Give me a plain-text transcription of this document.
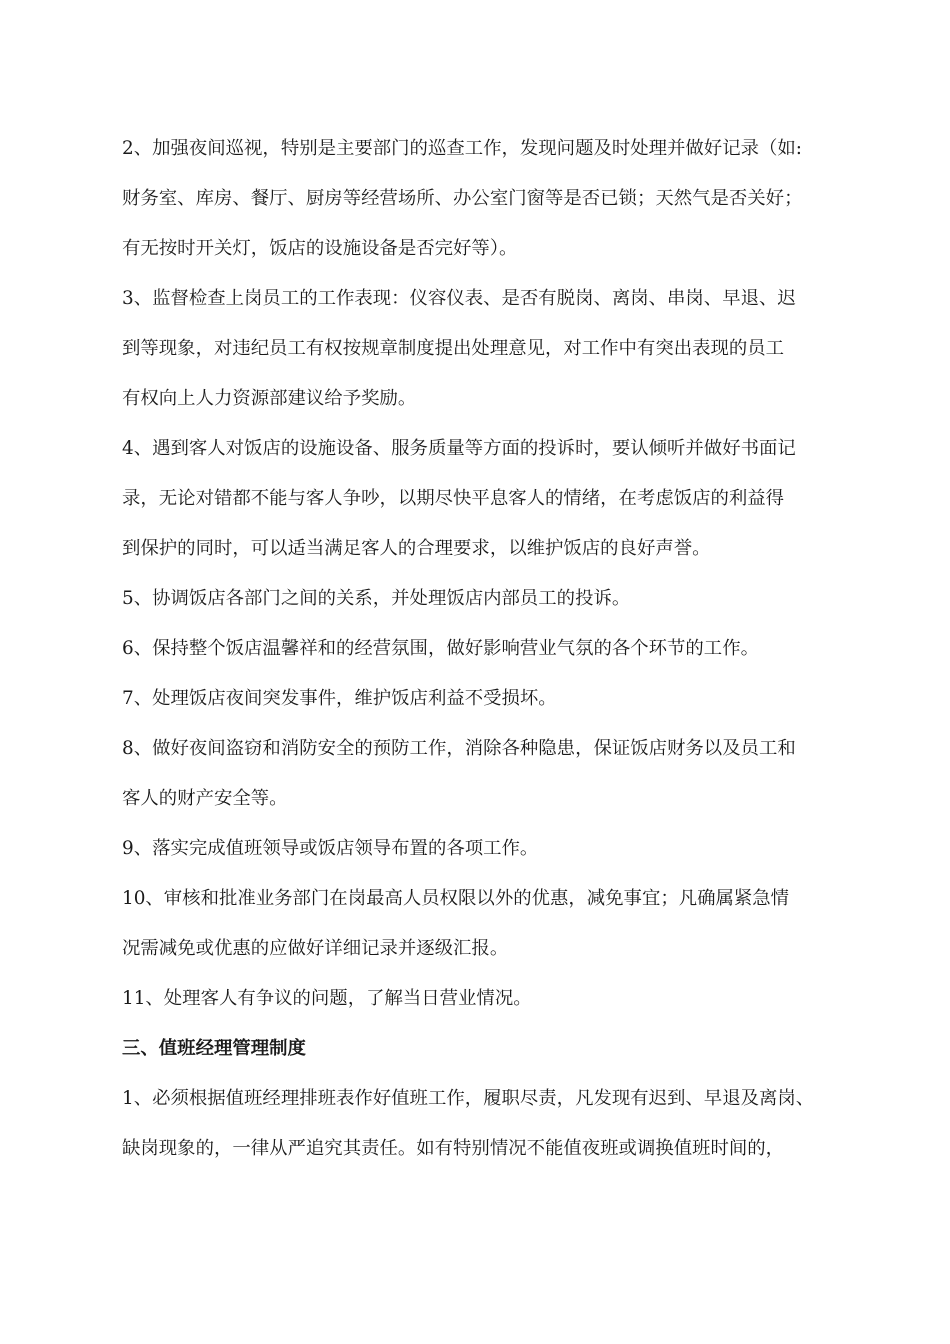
2、加强夜间巡视，特别是主要部门的巡查工作，发现问题及时处理并做好记录（如:
财务室、库房、餐厅、厨房等经营场所、办公室门窗等是否已锁；天然气是否关好；
有无按时开关灯，饭店的设施设备是否完好等）。
3、监督检查上岗员工的工作表现：仪容仪表、是否有脱岗、离岗、串岗、早退、迟
到等现象，对违纪员工有权按规章制度提出处理意见，对工作中有突出表现的员工
有权向上人力资源部建议给予奖励。
4、遇到客人对饭店的设施设备、服务质量等方面的投诉时，要认倾听并做好书面记
录，无论对错都不能与客人争吵，以期尽快平息客人的情绪，在考虑饭店的利益得
到保护的同时，可以适当满足客人的合理要求，以维护饭店的良好声誉。
5、协调饭店各部门之间的关系，并处理饭店内部员工的投诉。
6、保持整个饭店温馨祥和的经营氛围，做好影响营业气氛的各个环节的工作。
7、处理饭店夜间突发事件，维护饭店利益不受损坏。
8、做好夜间盗窃和消防安全的预防工作，消除各种隐患，保证饭店财务以及员工和
客人的财产安全等。
9、落实完成值班领导或饭店领导布置的各项工作。
10、审核和批准业务部门在岗最高人员权限以外的优惠，减免事宜；凡确属紧急情
况需减免或优惠的应做好详细记录并逐级汇报。
11、处理客人有争议的问题，了解当日营业情况。
三、值班经理管理制度
1、必须根据值班经理排班表作好值班工作，履职尽责，凡发现有迟到、早退及离岗、
缺岗现象的，一律从严追究其责任。如有特别情况不能值夜班或调换值班时间的，
